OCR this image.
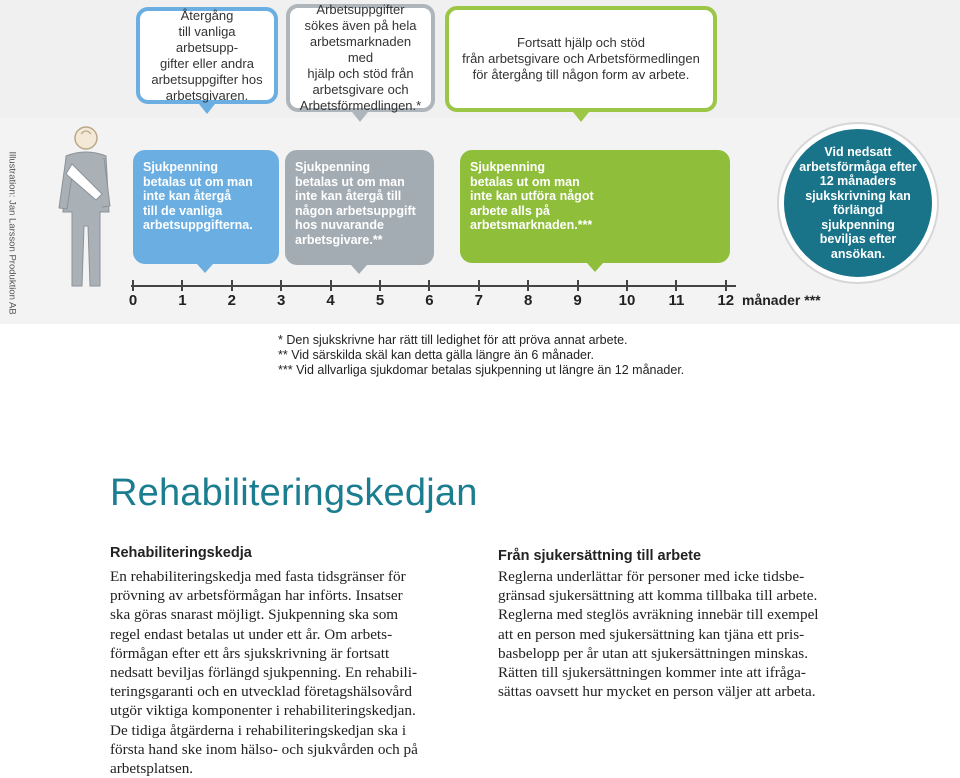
Återgång
till vanliga arbetsupp-
gifter eller andra
arbetsuppgifter hos
arbetsgivaren.
Arbetsuppgifter
sökes även på hela
arbetsmarknaden med
hjälp och stöd från
arbetsgivare och
Arbetsförmedlingen.*
Fortsatt hjälp och stöd
från arbetsgivare och Arbetsförmedlingen
för återgång till någon form av arbete.
Illustration: Jan Larsson Produktion AB	Sjukpenning
betalas ut om man
inte kan återgå
till de vanliga
arbetsuppgifterna.
Sjukpenning
betalas ut om man
inte kan återgå till
någon arbetsuppgift
hos nuvarande
arbetsgivare.**
Sjukpenning
betalas ut om man
inte kan utföra något
arbete alls på
arbetsmarknaden.***
Vid nedsatt
arbetsförmåga efter
12 månaders
sjukskrivning kan
förlängd sjukpenning
beviljas efter
ansökan.
0	1	2	3	4	5	6	7	8	9	10 11 12 månader ***
* Den sjukskrivne har rätt till ledighet för att pröva annat arbete.
** Vid särskilda skäl kan detta gälla längre än 6 månader.
*** Vid allvarliga sjukdomar betalas sjukpenning ut längre än 12 månader.
Rehabiliteringskedjan
Rehabiliteringskedja
En rehabiliteringskedja med fasta tidsgränser för
prövning av arbetsförmågan har införts. Insatser
ska göras snarast möjligt. Sjukpenning ska som
regel endast betalas ut under ett år. Om arbets-
förmågan efter ett års sjukskrivning är fortsatt
nedsatt beviljas förlängd sjukpenning. En rehabili-
teringsgaranti och en utvecklad företagshälsovård
utgör viktiga komponenter i rehabiliteringskedjan.
De tidiga åtgärderna i rehabiliteringskedjan ska i
första hand ske inom hälso- och sjukvården och på
arbetsplatsen.
Från sjukersättning till arbete
Reglerna underlättar för personer med icke tidsbe-
gränsad sjukersättning att komma tillbaka till arbete.
Reglerna med steglös avräkning innebär till exempel
att en person med sjukersättning kan tjäna ett pris-
basbelopp per år utan att sjukersättningen minskas.
Rätten till sjukersättningen kommer inte att ifråga-
sättas oavsett hur mycket en person väljer att arbeta.
